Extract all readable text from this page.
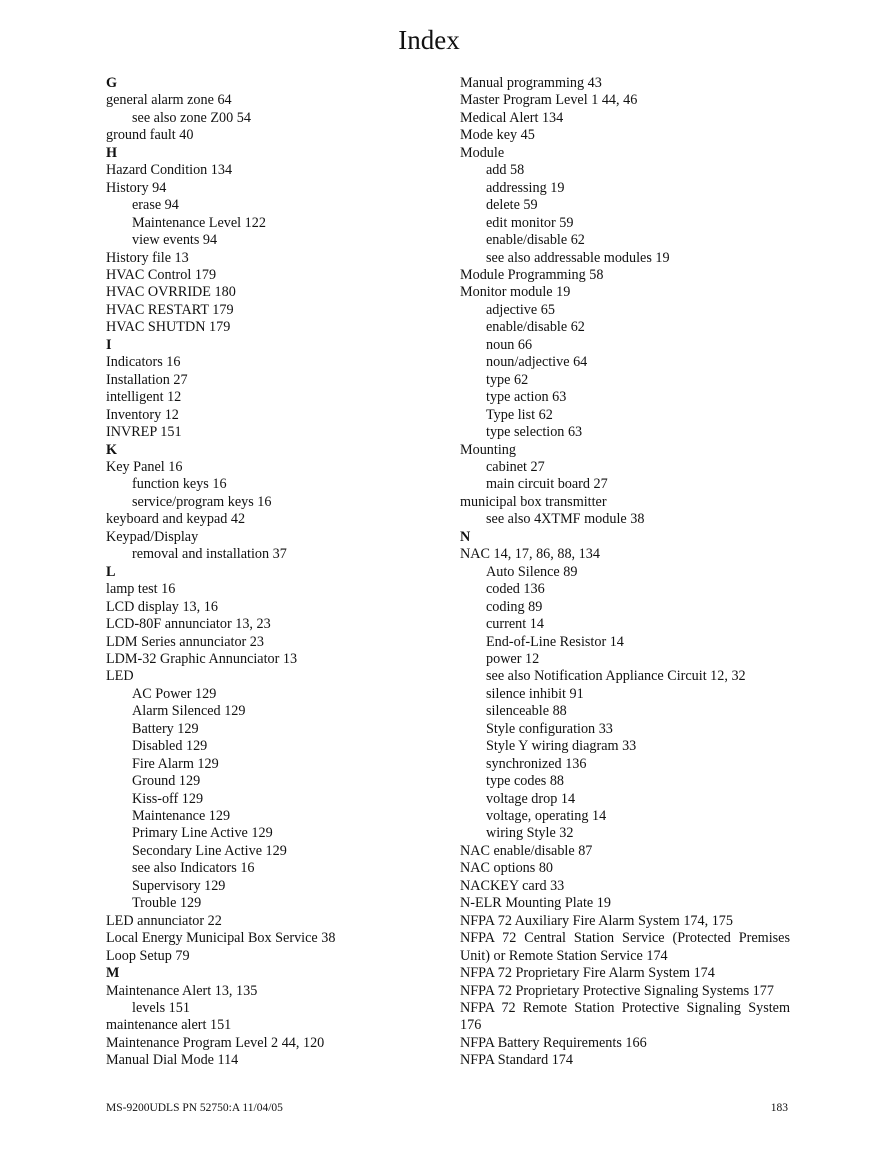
Index
G
general alarm zone 64
see also zone Z00 54
ground fault 40
H
Hazard Condition 134
History 94
erase 94
Maintenance Level 122
view events 94
History file 13
HVAC Control 179
HVAC OVRRIDE 180
HVAC RESTART 179
HVAC SHUTDN 179
I
Indicators 16
Installation 27
intelligent 12
Inventory 12
INVREP 151
K
Key Panel 16
function keys 16
service/program keys 16
keyboard and keypad 42
Keypad/Display
removal and installation 37
L
lamp test 16
LCD display 13, 16
LCD-80F annunciator 13, 23
LDM Series annunciator 23
LDM-32 Graphic Annunciator 13
LED
AC Power 129
Alarm Silenced 129
Battery 129
Disabled 129
Fire Alarm 129
Ground 129
Kiss-off 129
Maintenance 129
Primary Line Active 129
Secondary Line Active 129
see also Indicators 16
Supervisory 129
Trouble 129
LED annunciator 22
Local Energy Municipal Box Service 38
Loop Setup 79
M
Maintenance Alert 13, 135
levels 151
maintenance alert 151
Maintenance Program Level 2 44, 120
Manual Dial Mode 114
Manual programming 43
Master Program Level 1 44, 46
Medical Alert 134
Mode key 45
Module
add 58
addressing 19
delete 59
edit monitor 59
enable/disable 62
see also addressable modules 19
Module Programming 58
Monitor module 19
adjective 65
enable/disable 62
noun 66
noun/adjective 64
type 62
type action 63
Type list 62
type selection 63
Mounting
cabinet 27
main circuit board 27
municipal box transmitter
see also 4XTMF module 38
N
NAC 14, 17, 86, 88, 134
Auto Silence 89
coded 136
coding 89
current 14
End-of-Line Resistor 14
power 12
see also Notification Appliance Circuit 12, 32
silence inhibit 91
silenceable 88
Style configuration 33
Style Y wiring diagram 33
synchronized 136
type codes 88
voltage drop 14
voltage, operating 14
wiring Style 32
NAC enable/disable 87
NAC options 80
NACKEY card 33
N-ELR Mounting Plate 19
NFPA 72 Auxiliary Fire Alarm System 174, 175
NFPA 72 Central Station Service (Protected Premises
Unit) or Remote Station Service 174
NFPA 72 Proprietary Fire Alarm System 174
NFPA 72 Proprietary Protective Signaling Systems 177
NFPA 72 Remote Station Protective Signaling System
176
NFPA Battery Requirements 166
NFPA Standard 174
MS-9200UDLS PN 52750:A 11/04/05	183
